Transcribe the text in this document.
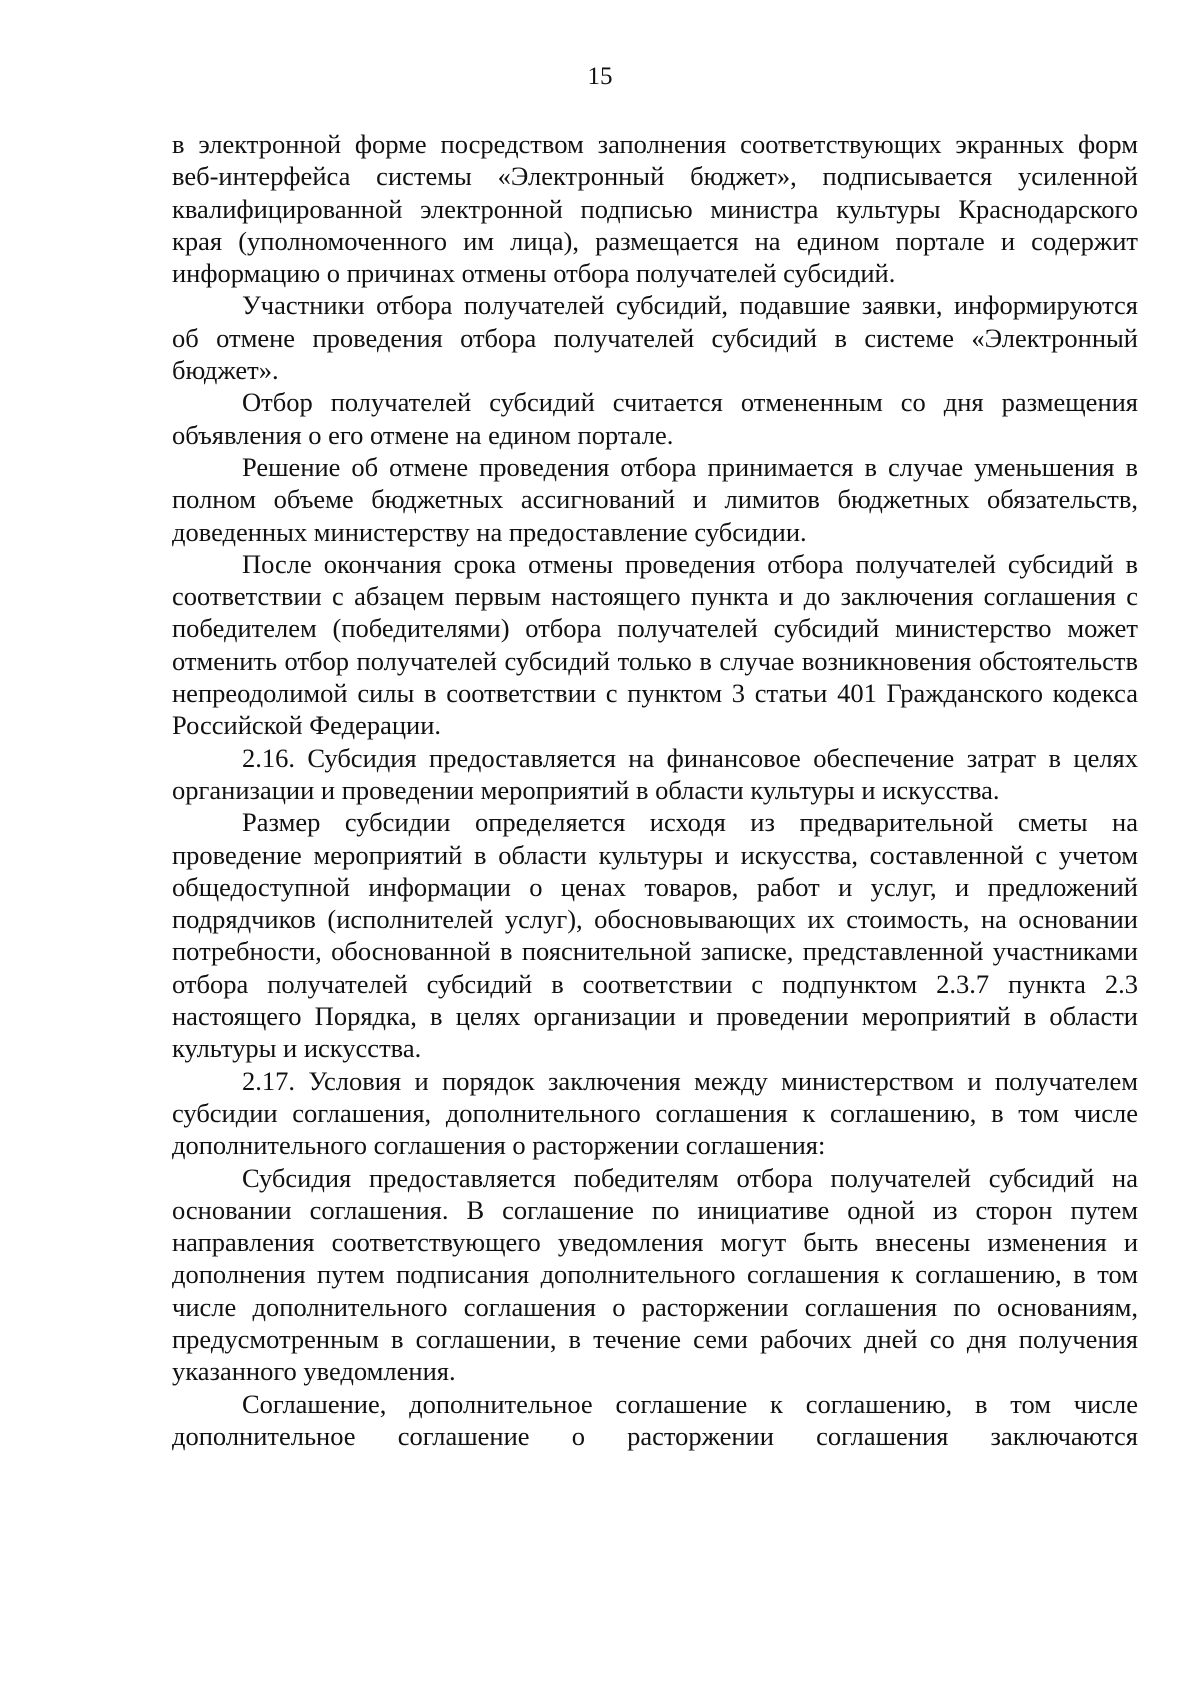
15

в электронной форме посредством заполнения соответствующих экранных форм веб-интерфейса системы «Электронный бюджет», подписывается усиленной квалифицированной электронной подписью министра культуры Краснодарского края (уполномоченного им лица), размещается на едином портале и содержит информацию о причинах отмены отбора получателей субсидий.

Участники отбора получателей субсидий, подавшие заявки, информируются об отмене проведения отбора получателей субсидий в системе «Электронный бюджет».

Отбор получателей субсидий считается отмененным со дня размещения объявления о его отмене на едином портале.

Решение об отмене проведения отбора принимается в случае уменьшения в полном объеме бюджетных ассигнований и лимитов бюджетных обязательств, доведенных министерству на предоставление субсидии.

После окончания срока отмены проведения отбора получателей субсидий в соответствии с абзацем первым настоящего пункта и до заключения соглашения с победителем (победителями) отбора получателей субсидий министерство может отменить отбор получателей субсидий только в случае возникновения обстоятельств непреодолимой силы в соответствии с пунктом 3 статьи 401 Гражданского кодекса Российской Федерации.

2.16. Субсидия предоставляется на финансовое обеспечение затрат в целях организации и проведении мероприятий в области культуры и искусства.

Размер субсидии определяется исходя из предварительной сметы на проведение мероприятий в области культуры и искусства, составленной с учетом общедоступной информации о ценах товаров, работ и услуг, и предложений подрядчиков (исполнителей услуг), обосновывающих их стоимость, на основании потребности, обоснованной в пояснительной записке, представленной участниками отбора получателей субсидий в соответствии с подпунктом 2.3.7 пункта 2.3 настоящего Порядка, в целях организации и проведении мероприятий в области культуры и искусства.

2.17. Условия и порядок заключения между министерством и получателем субсидии соглашения, дополнительного соглашения к соглашению, в том числе дополнительного соглашения о расторжении соглашения:

Субсидия предоставляется победителям отбора получателей субсидий на основании соглашения. В соглашение по инициативе одной из сторон путем направления соответствующего уведомления могут быть внесены изменения и дополнения путем подписания дополнительного соглашения к соглашению, в том числе дополнительного соглашения о расторжении соглашения по основаниям, предусмотренным в соглашении, в течение семи рабочих дней со дня получения указанного уведомления.

Соглашение, дополнительное соглашение к соглашению, в том числе дополнительное соглашение о расторжении соглашения заключаются
